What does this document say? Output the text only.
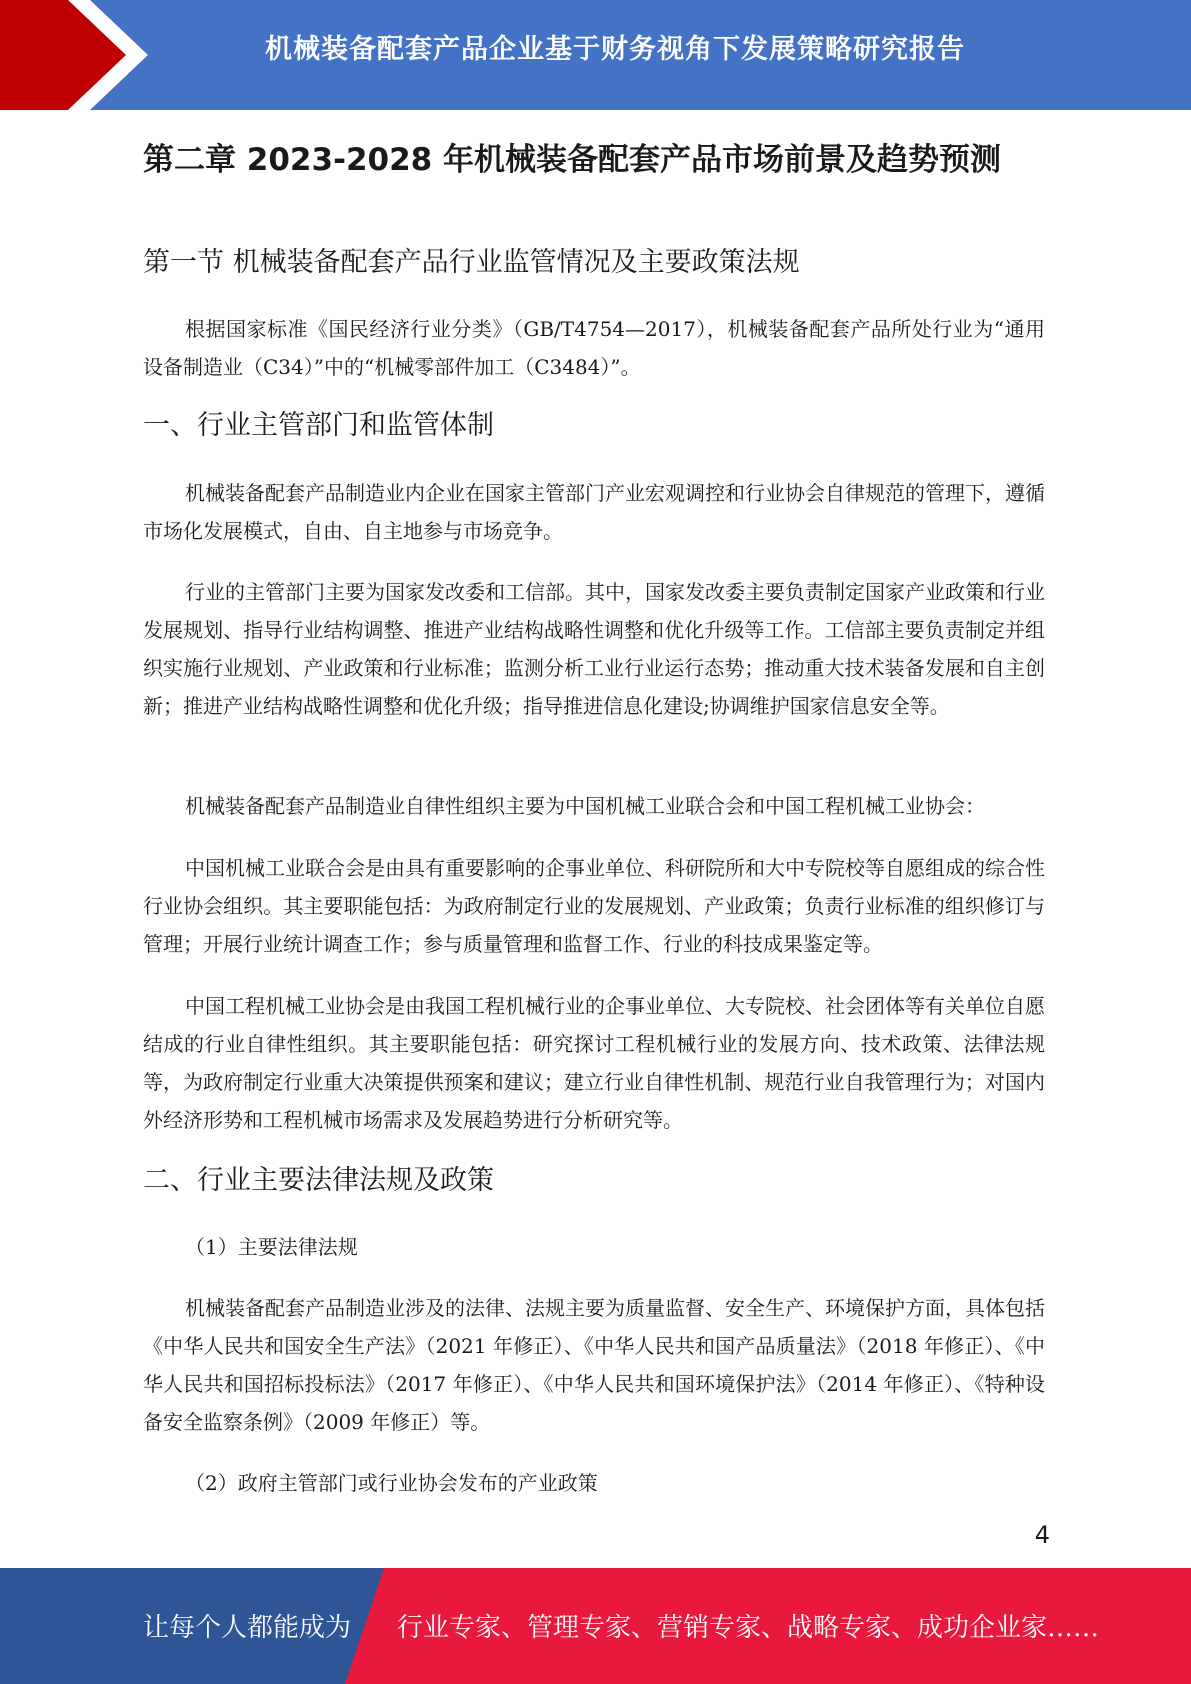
机械装备配套产品企业基于财务视角下发展策略研究报告
第二章 2023-2028 年机械装备配套产品市场前景及趋势预测
第一节 机械装备配套产品行业监管情况及主要政策法规
根据国家标准《国民经济行业分类》（GB/T4754—2017），机械装备配套产品所处行业为“通用设备制造业（C34）”中的“机械零部件加工（C3484）”。
一、行业主管部门和监管体制
机械装备配套产品制造业内企业在国家主管部门产业宏观调控和行业协会自律规范的管理下，遵循市场化发展模式，自由、自主地参与市场竞争。
行业的主管部门主要为国家发改委和工信部。其中，国家发改委主要负责制定国家产业政策和行业发展规划、指导行业结构调整、推进产业结构战略性调整和优化升级等工作。工信部主要负责制定并组织实施行业规划、产业政策和行业标准；监测分析工业行业运行态势；推动重大技术装备发展和自主创新；推进产业结构战略性调整和优化升级；指导推进信息化建设;协调维护国家信息安全等。
机械装备配套产品制造业自律性组织主要为中国机械工业联合会和中国工程机械工业协会：
中国机械工业联合会是由具有重要影响的企事业单位、科研院所和大中专院校等自愿组成的综合性行业协会组织。其主要职能包括：为政府制定行业的发展规划、产业政策；负责行业标准的组织修订与管理；开展行业统计调查工作；参与质量管理和监督工作、行业的科技成果鉴定等。
中国工程机械工业协会是由我国工程机械行业的企事业单位、大专院校、社会团体等有关单位自愿结成的行业自律性组织。其主要职能包括：研究探讨工程机械行业的发展方向、技术政策、法律法规等，为政府制定行业重大决策提供预案和建议；建立行业自律性机制、规范行业自我管理行为；对国内外经济形势和工程机械市场需求及发展趋势进行分析研究等。
二、行业主要法律法规及政策
（1）主要法律法规
机械装备配套产品制造业涉及的法律、法规主要为质量监督、安全生产、环境保护方面，具体包括《中华人民共和国安全生产法》（2021 年修正）、《中华人民共和国产品质量法》（2018 年修正）、《中华人民共和国招标投标法》（2017 年修正）、《中华人民共和国环境保护法》（2014 年修正）、《特种设备安全监察条例》（2009 年修正）等。
（2）政府主管部门或行业协会发布的产业政策
4
让每个人都能成为 行业专家、管理专家、营销专家、战略专家、成功企业家……
